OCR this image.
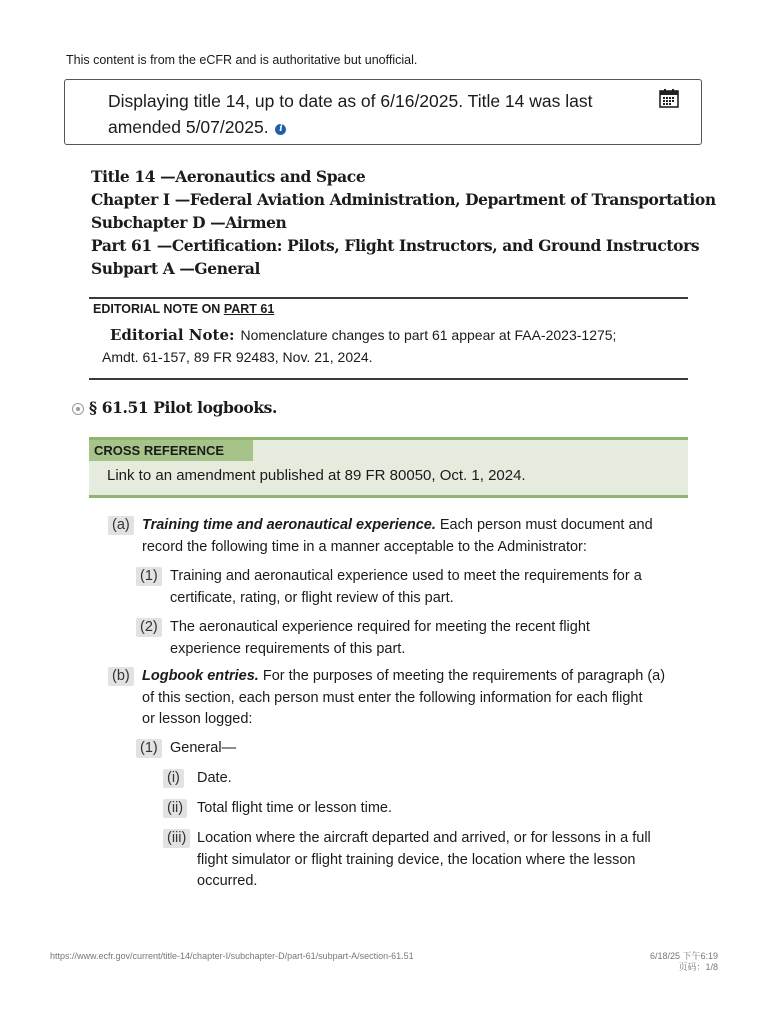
This content is from the eCFR and is authoritative but unofficial.
Displaying title 14, up to date as of 6/16/2025. Title 14 was last amended 5/07/2025. i
Title 14 —Aeronautics and Space
Chapter I —Federal Aviation Administration, Department of Transportation
Subchapter D —Airmen
Part 61 —Certification: Pilots, Flight Instructors, and Ground Instructors
Subpart A —General
EDITORIAL NOTE ON PART 61
Editorial Note: Nomenclature changes to part 61 appear at FAA-2023-1275;
Amdt. 61-157, 89 FR 92483, Nov. 21, 2024.
§ 61.51 Pilot logbooks.
CROSS REFERENCE
Link to an amendment published at 89 FR 80050, Oct. 1, 2024.
(a) Training time and aeronautical experience. Each person must document and
record the following time in a manner acceptable to the Administrator:
(1) Training and aeronautical experience used to meet the requirements for a
certificate, rating, or flight review of this part.
(2) The aeronautical experience required for meeting the recent flight
experience requirements of this part.
(b) Logbook entries. For the purposes of meeting the requirements of paragraph (a)
of this section, each person must enter the following information for each flight
or lesson logged:
(1) General—
(i)	Date.
(ii) Total flight time or lesson time.
(iii) Location where the aircraft departed and arrived, or for lessons in a full
flight simulator or flight training device, the location where the lesson
occurred.
https://www.ecfr.gov/current/title-14/chapter-I/subchapter-D/part-61/subpart-A/section-61.51	6/18/25 下午6:19
页码：1/8
